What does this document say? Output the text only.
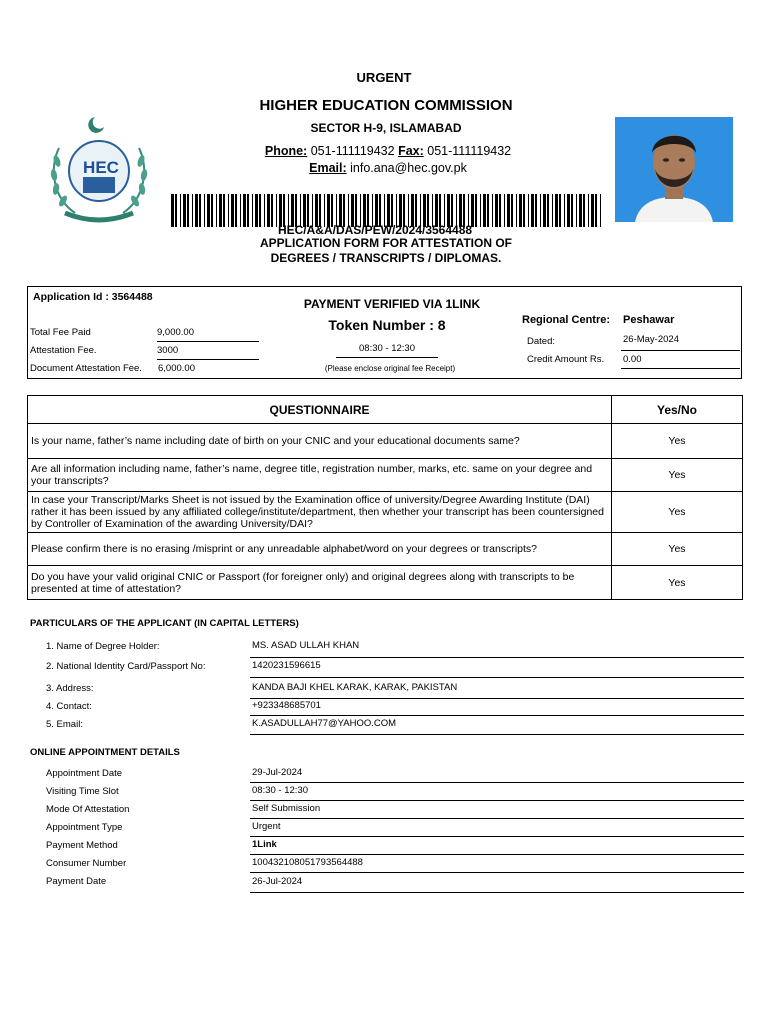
URGENT
HIGHER EDUCATION COMMISSION
SECTOR H-9, ISLAMABAD
Phone: 051-111119432 Fax: 051-111119432
Email: info.ana@hec.gov.pk
HEC
HEC/A&A/DAS/PEW/2024/3564488
APPLICATION FORM FOR ATTESTATION OF
DEGREES / TRANSCRIPTS / DIPLOMAS.
Application Id : 3564488
Total Fee Paid	9,000.00
Attestation Fee.	3000
Document Attestation Fee. 6,000.00
PAYMENT VERIFIED VIA 1LINK
Token Number : 8
08:30 - 12:30
(Please enclose original fee Receipt)
Regional Centre: Peshawar
Dated:	26-May-2024
Credit Amount Rs. 0.00
QUESTIONNAIRE	Yes/No
Is your name, father’s name including date of birth on your CNIC and your educational documents same?	Yes
Are all information including name, father’s name, degree title, registration number, marks, etc. same on your degree and your transcripts?	Yes
In case your Transcript/Marks Sheet is not issued by the Examination office of university/Degree Awarding Institute (DAI) rather it has been issued by any affiliated college/institute/department, then whether your transcript has been countersigned by Controller of Examination of the awarding University/DAI?	Yes
Please confirm there is no erasing /misprint or any unreadable alphabet/word on your degrees or transcripts?	Yes
Do you have your valid original CNIC or Passport (for foreigner only) and original degrees along with transcripts to be presented at time of attestation?	Yes
PARTICULARS OF THE APPLICANT (IN CAPITAL LETTERS)
1. Name of Degree Holder:	MS. ASAD ULLAH KHAN
2. National Identity Card/Passport No:	1420231596615
3. Address:	KANDA BAJI KHEL KARAK, KARAK, PAKISTAN
4. Contact:	+923348685701
5. Email:	K.ASADULLAH77@YAHOO.COM
ONLINE APPOINTMENT DETAILS
Appointment Date	29-Jul-2024
Visiting Time Slot	08:30 - 12:30
Mode Of Attestation	Self Submission
Appointment Type	Urgent
Payment Method	1Link
Consumer Number	100432108051793564488
Payment Date	26-Jul-2024
